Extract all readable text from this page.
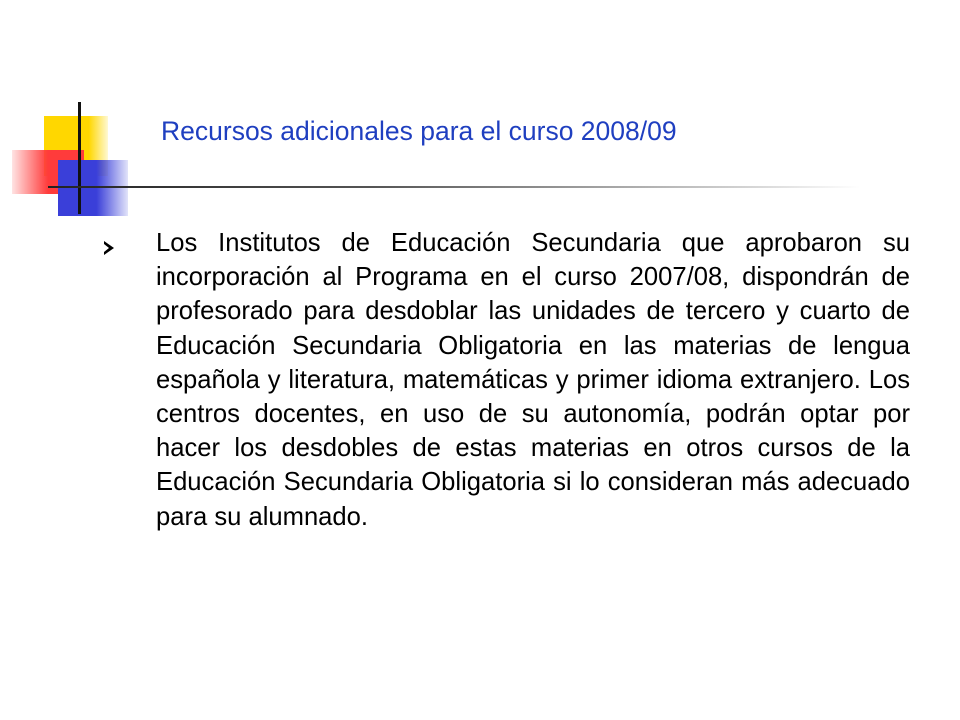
Recursos adicionales para el curso 2008/09

Los Institutos de Educación Secundaria que aprobaron su incorporación al Programa en el curso 2007/08, dispondrán de profesorado para desdoblar las unidades de tercero y cuarto de Educación Secundaria Obligatoria en las materias de lengua española y literatura, matemáticas y primer idioma extranjero. Los centros docentes, en uso de su autonomía, podrán optar por hacer los desdobles de estas materias en otros cursos de la Educación Secundaria Obligatoria si lo consideran más adecuado para su alumnado.
